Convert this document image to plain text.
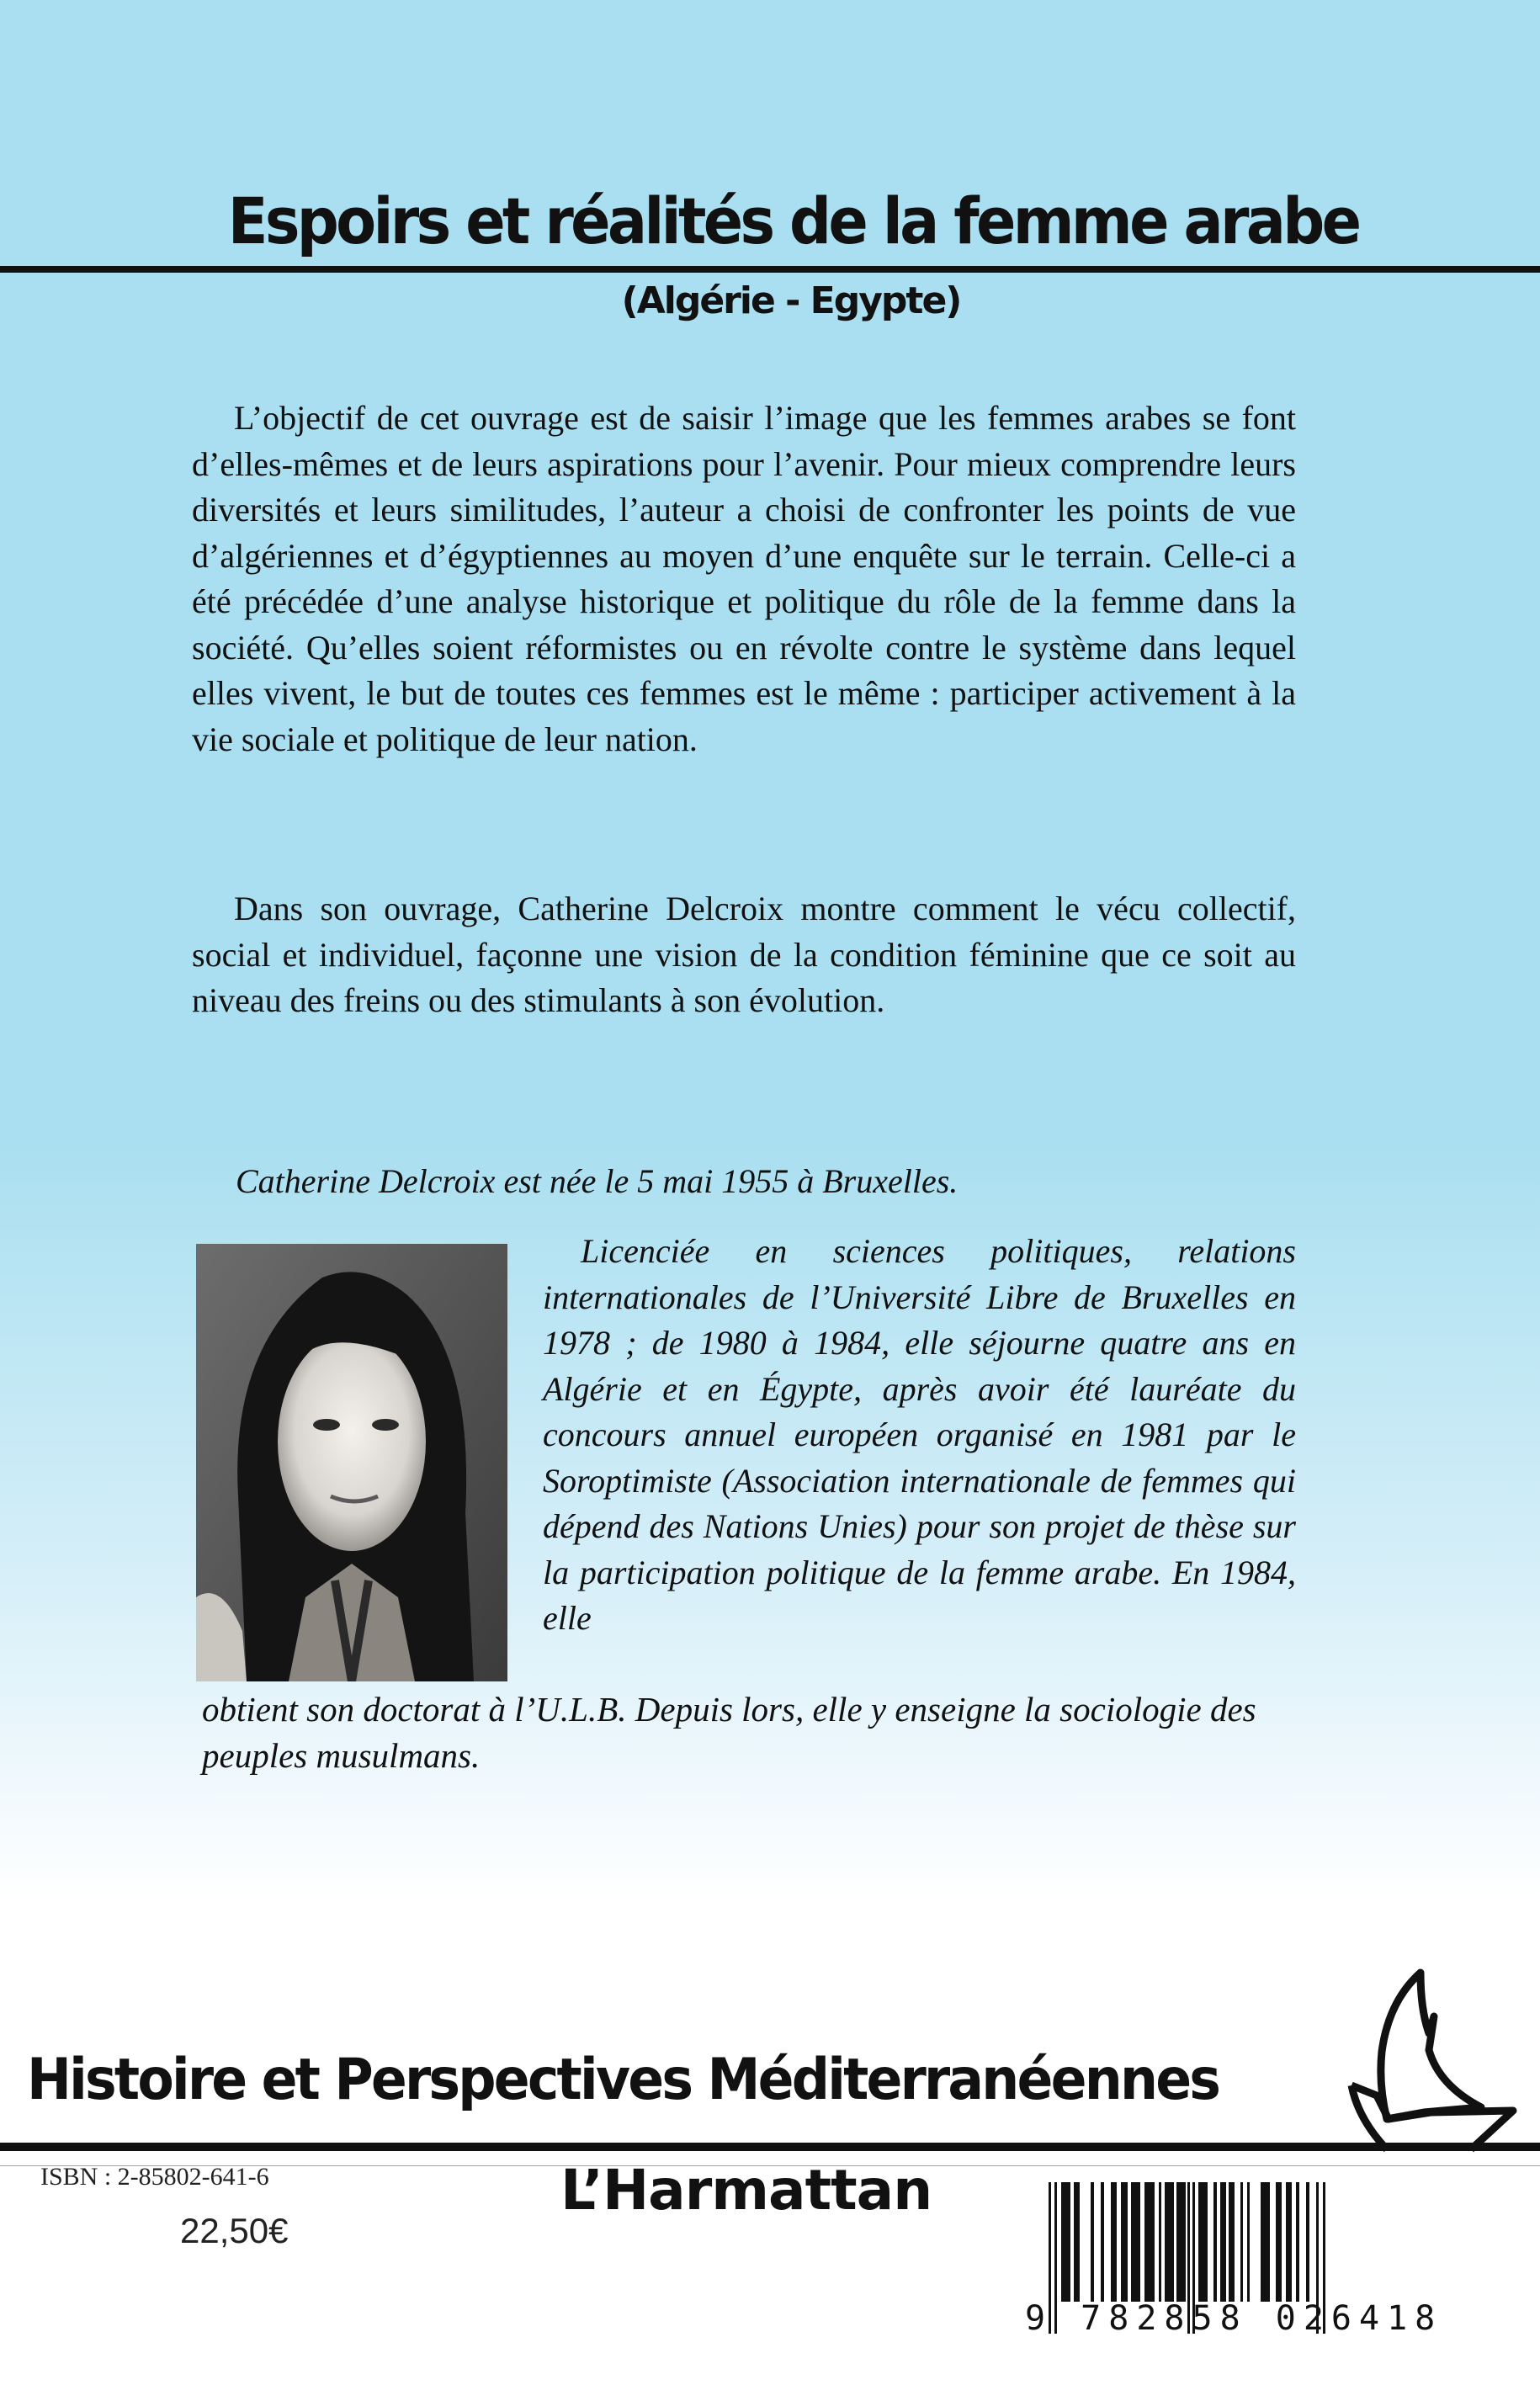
Espoirs et réalités de la femme arabe
(Algérie - Egypte)

L’objectif de cet ouvrage est de saisir l’image que les femmes arabes se font d’elles-mêmes et de leurs aspirations pour l’avenir. Pour mieux comprendre leurs diversités et leurs similitudes, l’auteur a choisi de confronter les points de vue d’algériennes et d’égyptiennes au moyen d’une enquête sur le terrain. Celle-ci a été précédée d’une analyse historique et politique du rôle de la femme dans la société. Qu’elles soient réformistes ou en révolte contre le système dans lequel elles vivent, le but de toutes ces femmes est le même : participer activement à la vie sociale et politique de leur nation.

Dans son ouvrage, Catherine Delcroix montre comment le vécu collectif, social et individuel, façonne une vision de la condition féminine que ce soit au niveau des freins ou des stimulants à son évolution.

Catherine Delcroix est née le 5 mai 1955 à Bruxelles.

Licenciée en sciences politiques, relations internationales de l’Université Libre de Bruxelles en 1978 ; de 1980 à 1984, elle séjourne quatre ans en Algérie et en Égypte, après avoir été lauréate du concours annuel européen organisé en 1981 par le Soroptimiste (Association internationale de femmes qui dépend des Nations Unies) pour son projet de thèse sur la participation politique de la femme arabe. En 1984, elle

obtient son doctorat à l’U.L.B. Depuis lors, elle y enseigne la sociologie des peuples musulmans.

Histoire et Perspectives Méditerranéennes
ISBN : 2-85802-641-6
22,50€
L’Harmattan
9 782858 026418
